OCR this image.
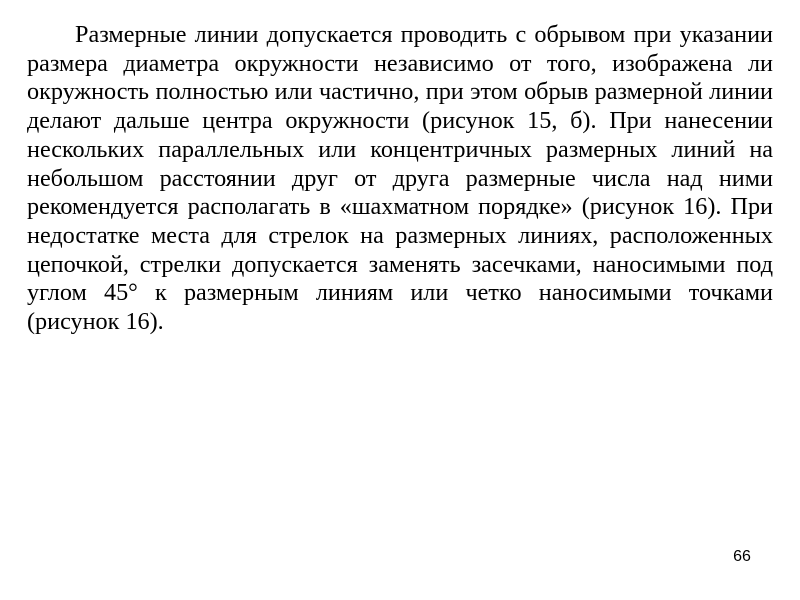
Размерные линии допускается проводить с обрывом при указании размера диаметра окружности независимо от того, изображена ли окружность полностью или частично, при этом обрыв размерной линии делают дальше центра окружности (рисунок 15, б). При нанесении нескольких параллельных или концентричных размерных линий на небольшом расстоянии друг от друга размерные числа над ними рекомендуется располагать в «шахматном порядке» (рисунок 16). При недостатке места для стрелок на размерных линиях, расположенных цепочкой, стрелки допускается заменять засечками, наносимыми под углом 45° к размерным линиям или четко наносимыми точками (рисунок 16).

66
